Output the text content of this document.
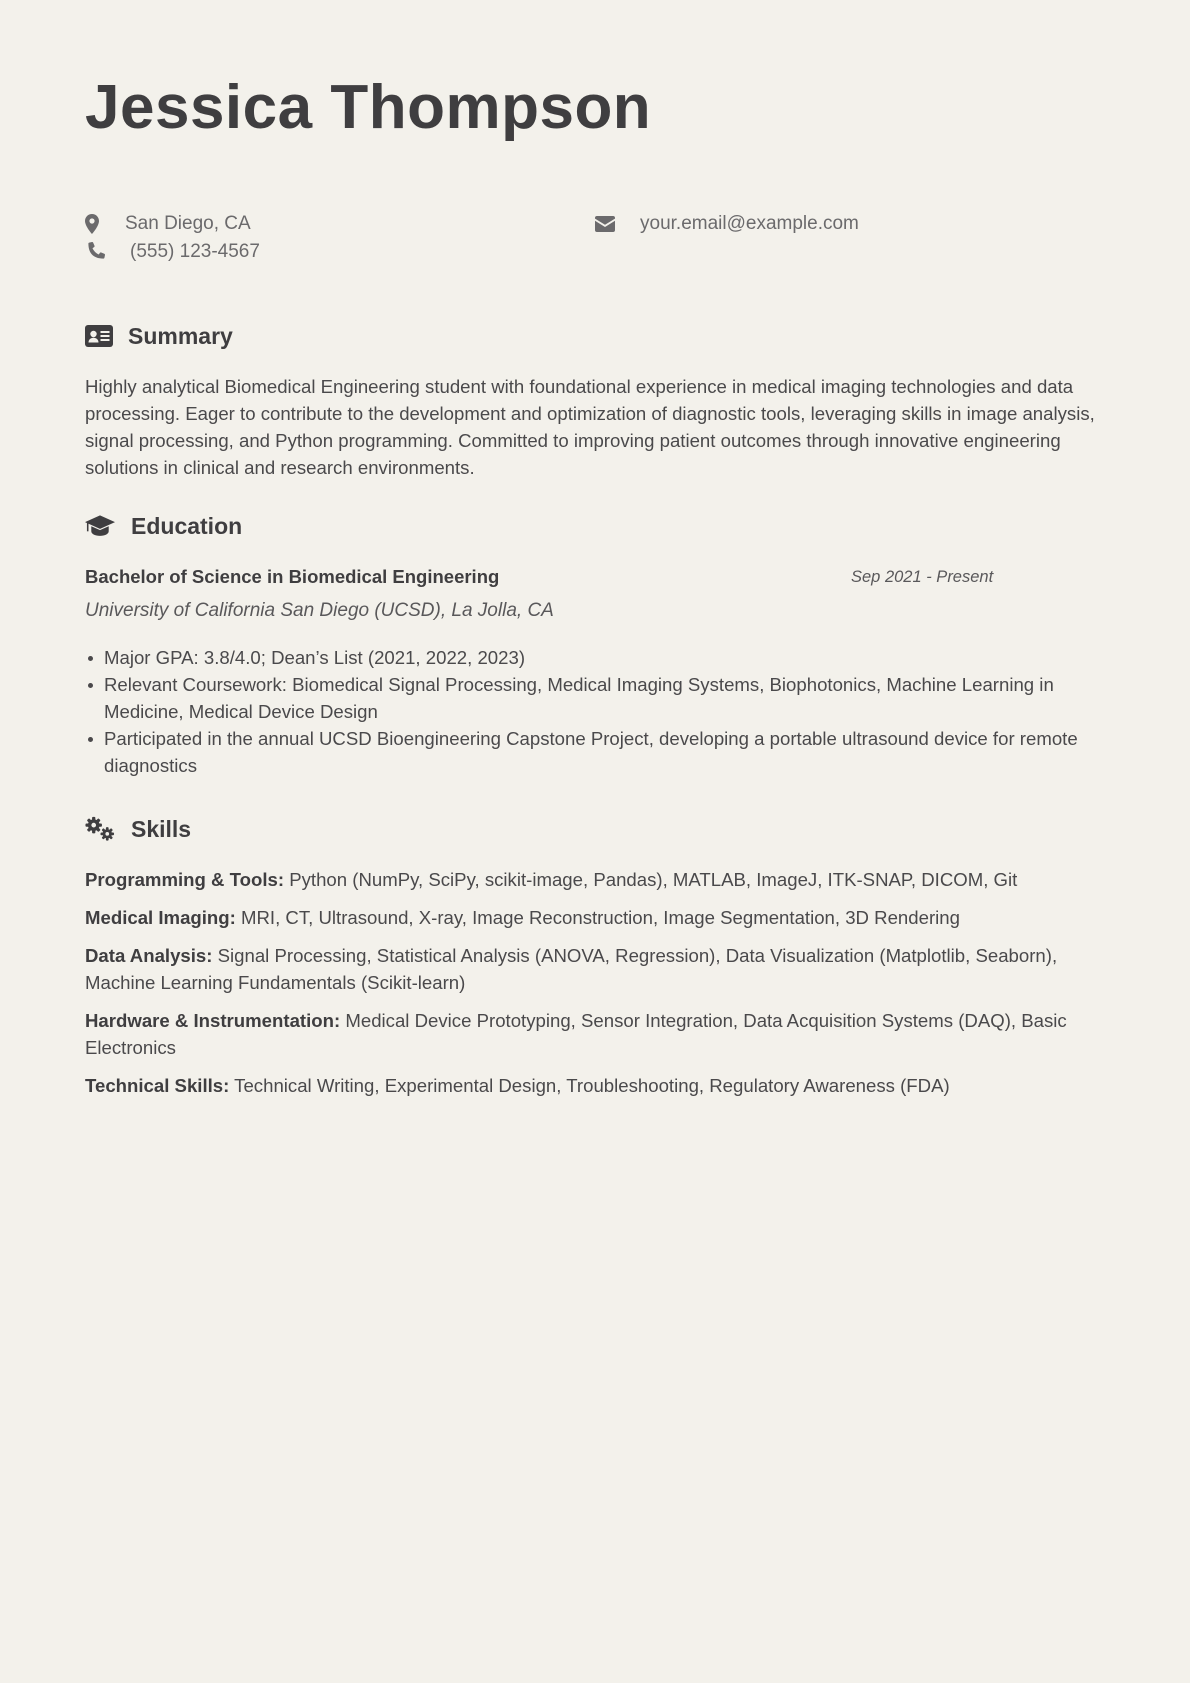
Jessica Thompson
San Diego, CA	your.email@example.com
(555) 123-4567
Summary
Highly analytical Biomedical Engineering student with foundational experience in medical imaging technologies and data processing. Eager to contribute to the development and optimization of diagnostic tools, leveraging skills in image analysis, signal processing, and Python programming. Committed to improving patient outcomes through innovative engineering solutions in clinical and research environments.
Education
Bachelor of Science in Biomedical Engineering	Sep 2021 - Present
University of California San Diego (UCSD), La Jolla, CA
Major GPA: 3.8/4.0; Dean’s List (2021, 2022, 2023)
Relevant Coursework: Biomedical Signal Processing, Medical Imaging Systems, Biophotonics, Machine Learning in Medicine, Medical Device Design
Participated in the annual UCSD Bioengineering Capstone Project, developing a portable ultrasound device for remote diagnostics
Skills
Programming & Tools: Python (NumPy, SciPy, scikit-image, Pandas), MATLAB, ImageJ, ITK-SNAP, DICOM, Git
Medical Imaging: MRI, CT, Ultrasound, X-ray, Image Reconstruction, Image Segmentation, 3D Rendering
Data Analysis: Signal Processing, Statistical Analysis (ANOVA, Regression), Data Visualization (Matplotlib, Seaborn), Machine Learning Fundamentals (Scikit-learn)
Hardware & Instrumentation: Medical Device Prototyping, Sensor Integration, Data Acquisition Systems (DAQ), Basic Electronics
Technical Skills: Technical Writing, Experimental Design, Troubleshooting, Regulatory Awareness (FDA)
